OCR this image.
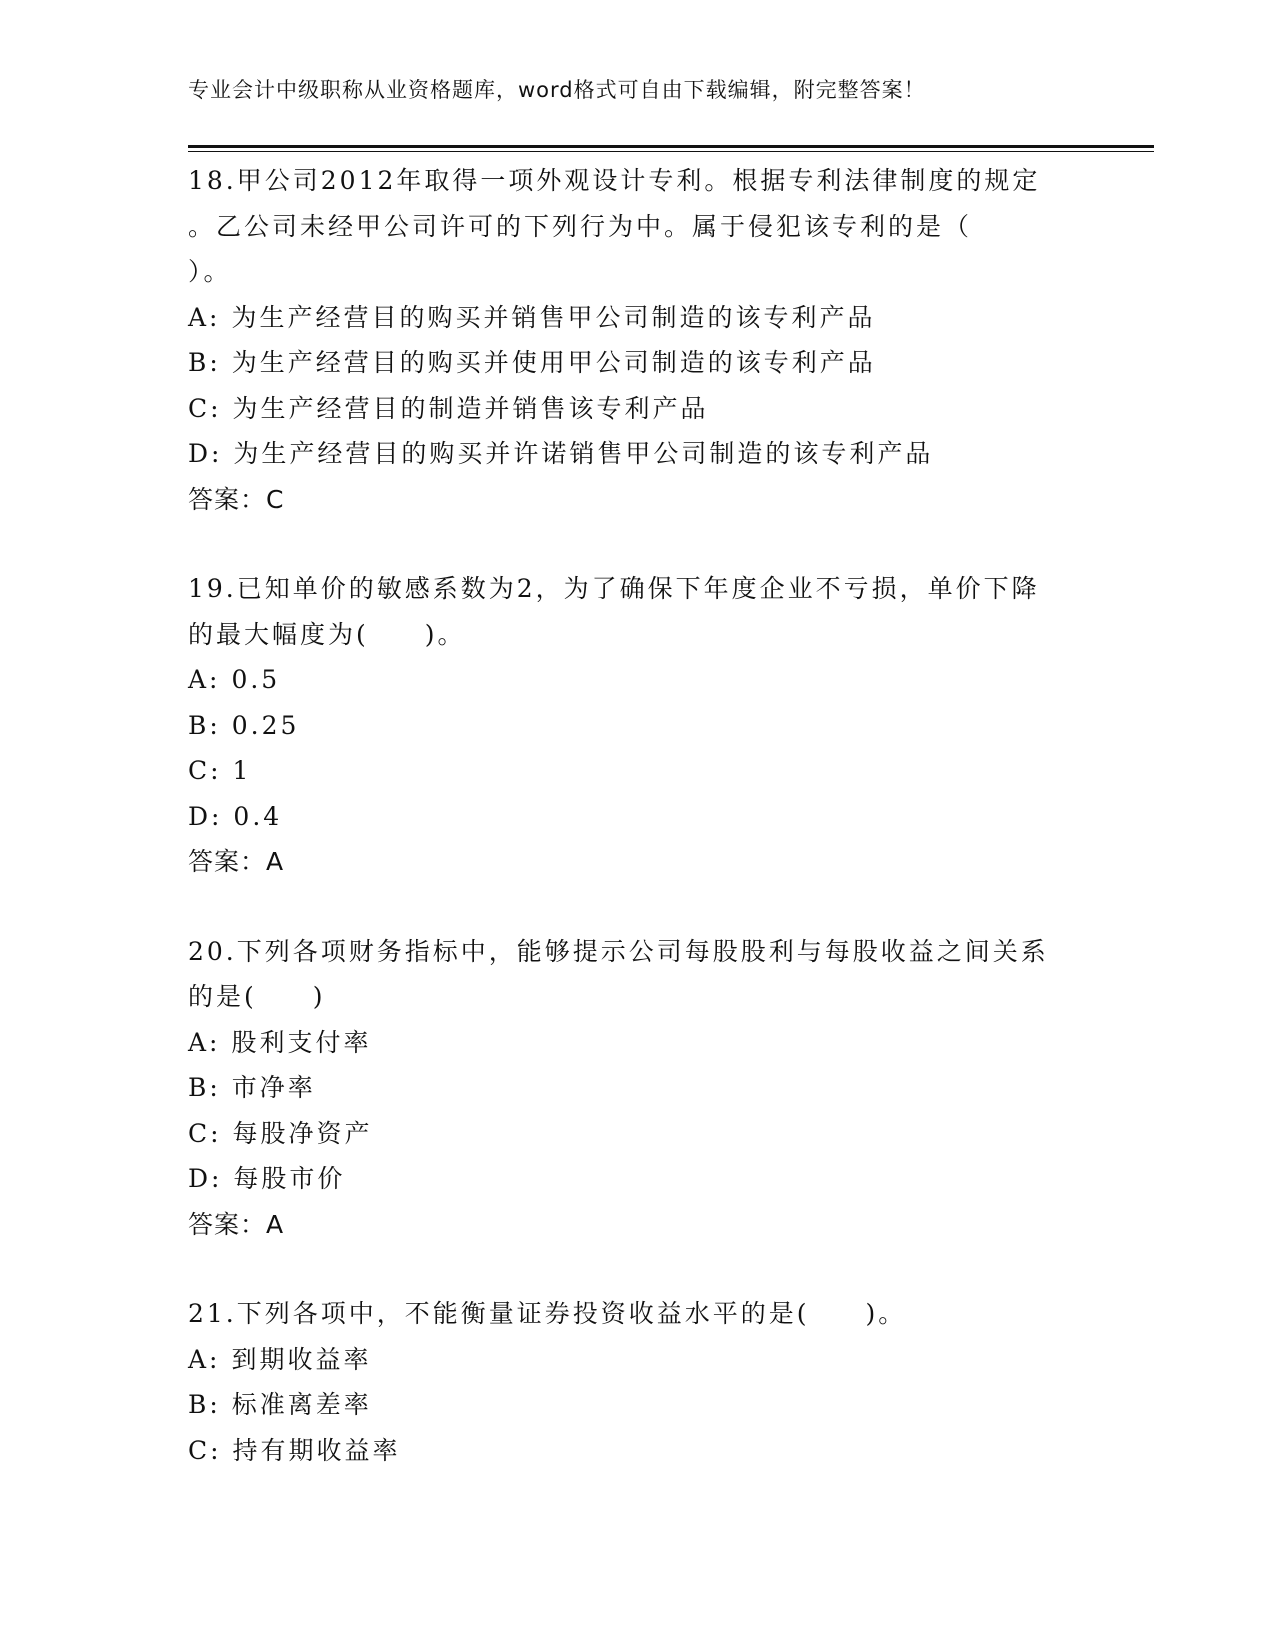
专业会计中级职称从业资格题库，word格式可自由下载编辑，附完整答案！
18.甲公司2012年取得一项外观设计专利。根据专利法律制度的规定
。乙公司未经甲公司许可的下列行为中。属于侵犯该专利的是（
）。
A: 为生产经营目的购买并销售甲公司制造的该专利产品
B: 为生产经营目的购买并使用甲公司制造的该专利产品
C: 为生产经营目的制造并销售该专利产品
D: 为生产经营目的购买并许诺销售甲公司制造的该专利产品
答案：C
19.已知单价的敏感系数为2，为了确保下年度企业不亏损，单价下降
的最大幅度为(　　)。
A: 0.5
B: 0.25
C: 1
D: 0.4
答案：A
20.下列各项财务指标中，能够提示公司每股股利与每股收益之间关系
的是(　　)
A: 股利支付率
B: 市净率
C: 每股净资产
D: 每股市价
答案：A
21.下列各项中，不能衡量证券投资收益水平的是(　　)。
A: 到期收益率
B: 标准离差率
C: 持有期收益率
